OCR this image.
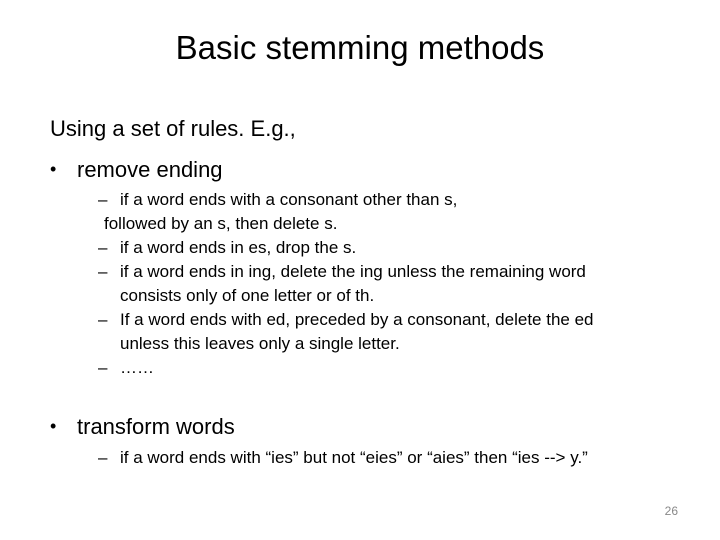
Basic stemming methods

Using a set of rules. E.g.,

• remove ending

– if a word ends with a consonant other than s,
followed by an s, then delete s.
– if a word ends in es, drop the s.
– if a word ends in ing, delete the ing unless the remaining word
consists only of one letter or of th.
– If a word ends with ed, preceded by a consonant, delete the ed
unless this leaves only a single letter.
– ……

• transform words

– if a word ends with “ies” but not “eies” or “aies” then “ies --> y.”
26
